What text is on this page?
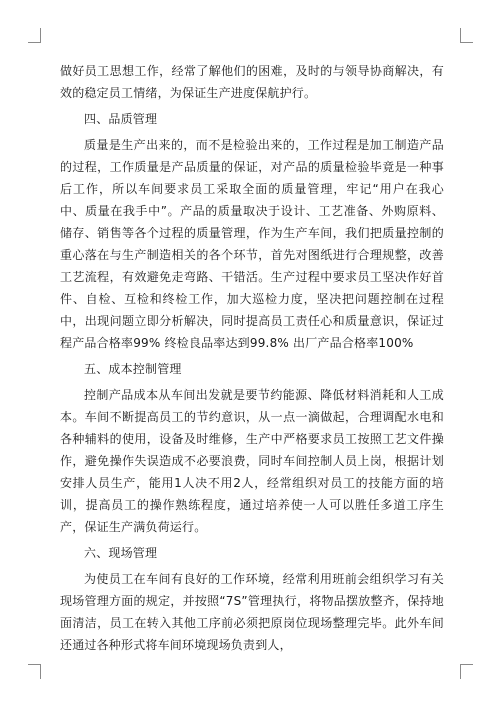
做好员工思想工作，经常了解他们的困难，及时的与领导协商解决，有效的稳定员工情绪，为保证生产进度保航护行。

四、品质管理

质量是生产出来的，而不是检验出来的，工作过程是加工制造产品的过程，工作质量是产品质量的保证，对产品的质量检验毕竟是一种事后工作，所以车间要求员工采取全面的质量管理，牢记“用户在我心中、质量在我手中”。产品的质量取决于设计、工艺准备、外购原料、储存、销售等各个过程的质量管理，作为生产车间，我们把质量控制的重心落在与生产制造相关的各个环节，首先对图纸进行合理规整，改善工艺流程，有效避免走弯路、干错活。生产过程中要求员工坚决作好首件、自检、互检和终检工作，加大巡检力度，坚决把问题控制在过程中，出现问题立即分析解决，同时提高员工责任心和质量意识，保证过程产品合格率99% 终检良品率达到99.8% 出厂产品合格率100%

五、成本控制管理

控制产品成本从车间出发就是要节约能源、降低材料消耗和人工成本。车间不断提高员工的节约意识，从一点一滴做起，合理调配水电和各种辅料的使用，设备及时维修，生产中严格要求员工按照工艺文件操作，避免操作失误造成不必要浪费，同时车间控制人员上岗，根据计划安排人员生产，能用1人决不用2人，经常组织对员工的技能方面的培训，提高员工的操作熟练程度，通过培养使一人可以胜任多道工序生产，保证生产满负荷运行。

六、现场管理

为使员工在车间有良好的工作环境，经常利用班前会组织学习有关现场管理方面的规定，并按照“7S”管理执行，将物品摆放整齐，保持地面清洁，员工在转入其他工序前必须把原岗位现场整理完毕。此外车间还通过各种形式将车间环境现场负责到人，
